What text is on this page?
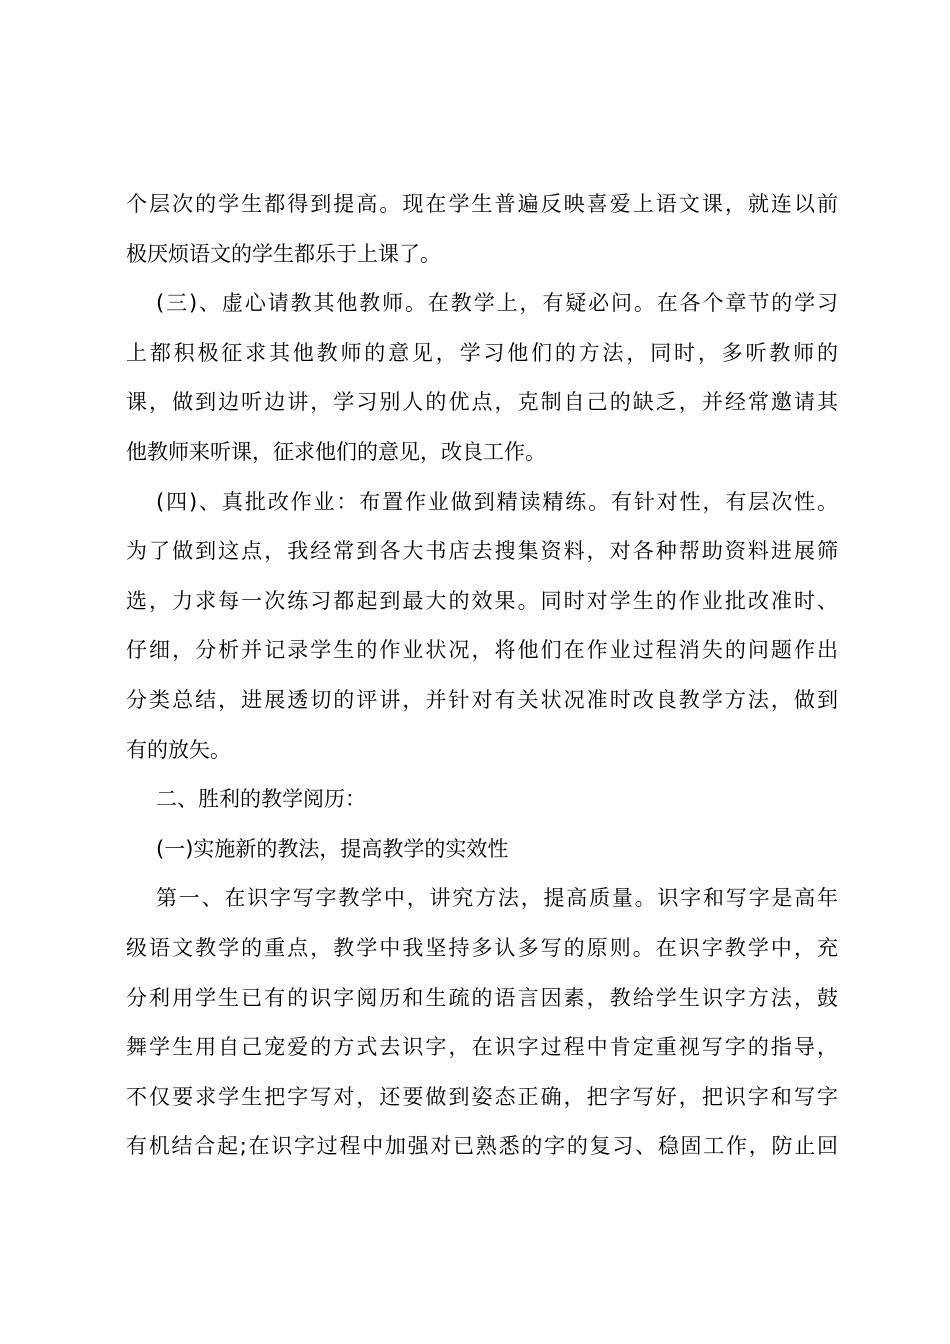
个层次的学生都得到提高。现在学生普遍反映喜爱上语文课，就连以前
极厌烦语文的学生都乐于上课了。
(三)、虚心请教其他教师。在教学上，有疑必问。在各个章节的学习
上都积极征求其他教师的意见，学习他们的方法，同时，多听教师的
课，做到边听边讲，学习别人的优点，克制自己的缺乏，并经常邀请其
他教师来听课，征求他们的意见，改良工作。
(四)、真批改作业：布置作业做到精读精练。有针对性，有层次性。
为了做到这点，我经常到各大书店去搜集资料，对各种帮助资料进展筛
选，力求每一次练习都起到最大的效果。同时对学生的作业批改准时、
仔细，分析并记录学生的作业状况，将他们在作业过程消失的问题作出
分类总结，进展透切的评讲，并针对有关状况准时改良教学方法，做到
有的放矢。
二、胜利的教学阅历：
(一)实施新的教法，提高教学的实效性
第一、在识字写字教学中，讲究方法，提高质量。识字和写字是高年
级语文教学的重点，教学中我坚持多认多写的原则。在识字教学中，充
分利用学生已有的识字阅历和生疏的语言因素，教给学生识字方法，鼓
舞学生用自己宠爱的方式去识字，在识字过程中肯定重视写字的指导，
不仅要求学生把字写对，还要做到姿态正确，把字写好，把识字和写字
有机结合起;在识字过程中加强对已熟悉的字的复习、稳固工作，防止回
